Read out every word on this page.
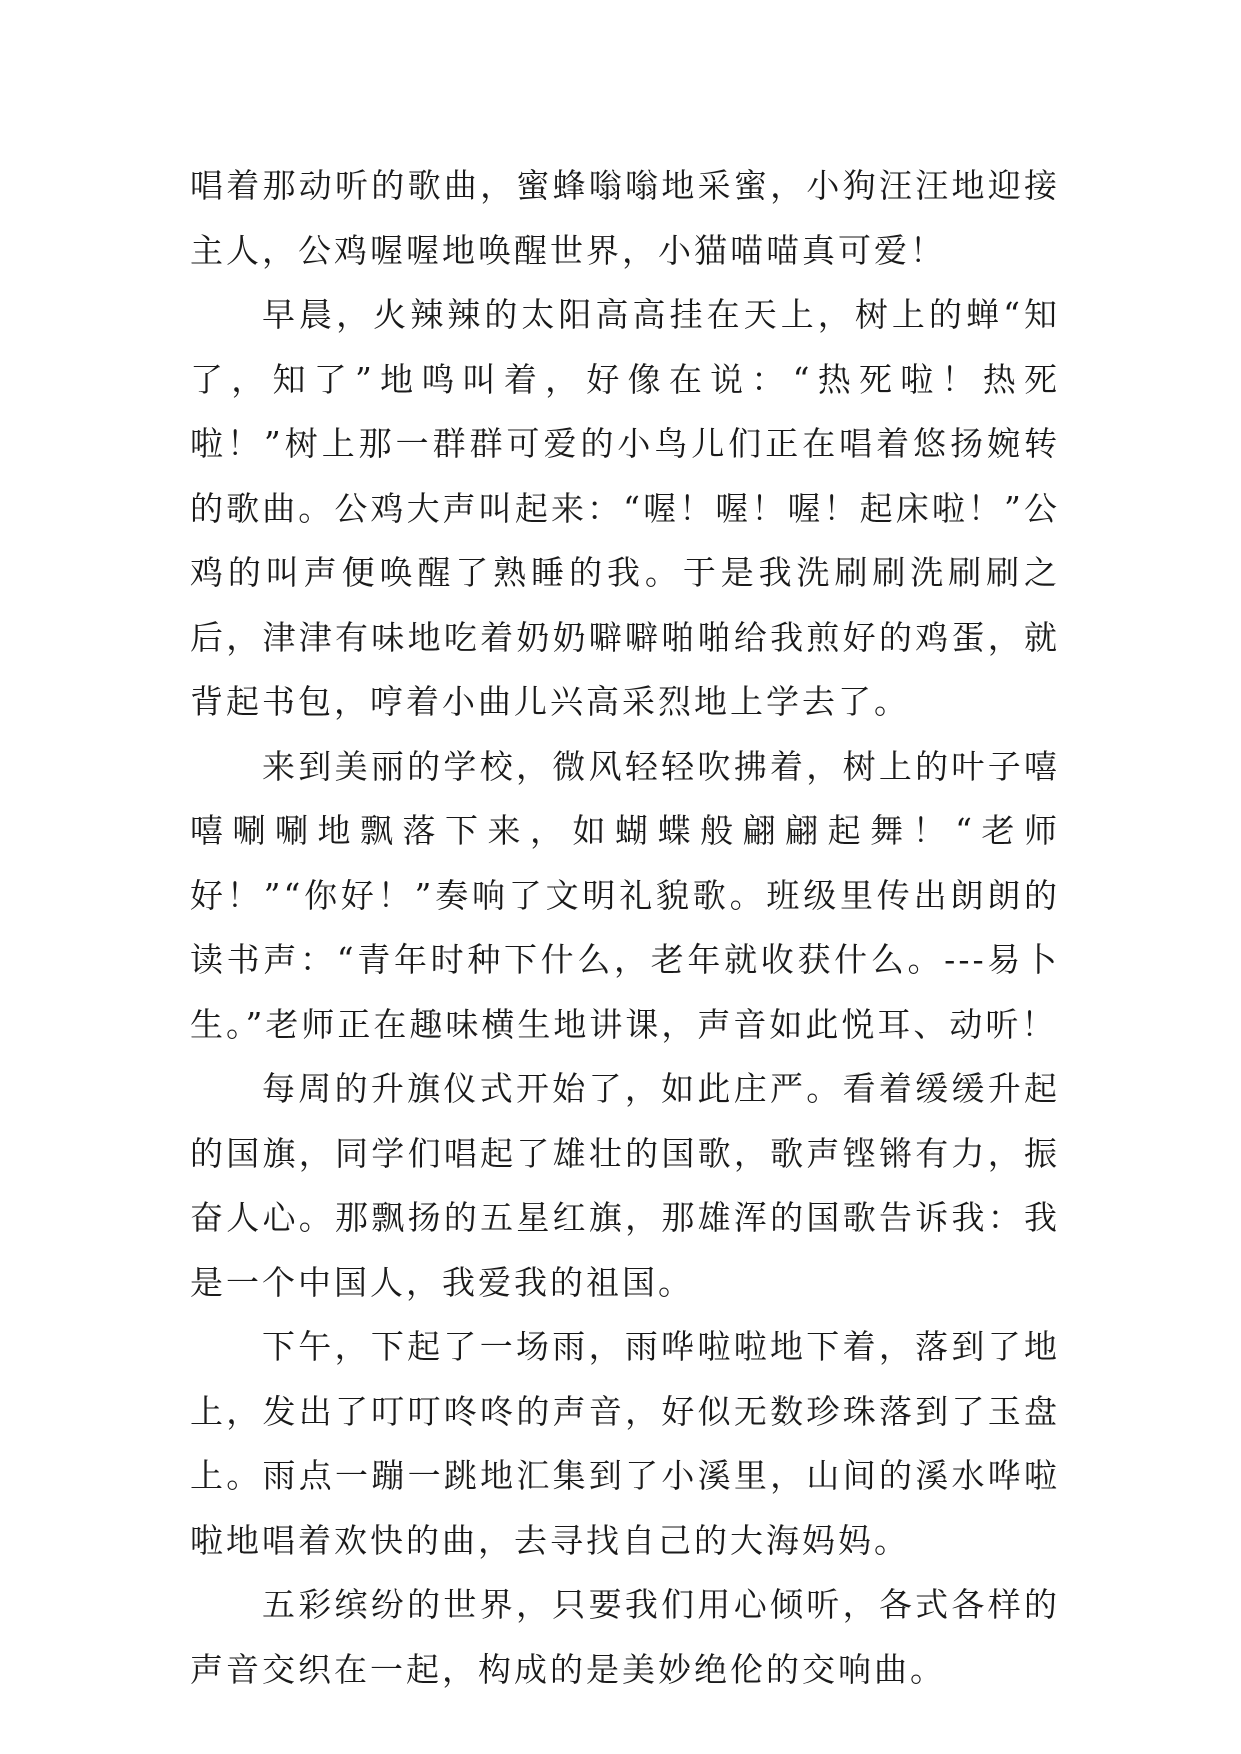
唱着那动听的歌曲，蜜蜂嗡嗡地采蜜，小狗汪汪地迎接主人，公鸡喔喔地唤醒世界，小猫喵喵真可爱！

早晨，火辣辣的太阳高高挂在天上，树上的蝉“知了，知了”地鸣叫着，好像在说：“热死啦！热死啦！”树上那一群群可爱的小鸟儿们正在唱着悠扬婉转的歌曲。公鸡大声叫起来：“喔！喔！喔！起床啦！”公鸡的叫声便唤醒了熟睡的我。于是我洗刷刷洗刷刷之后，津津有味地吃着奶奶噼噼啪啪给我煎好的鸡蛋，就背起书包，哼着小曲儿兴高采烈地上学去了。

来到美丽的学校，微风轻轻吹拂着，树上的叶子嘻嘻唰唰地飘落下来，如蝴蝶般翩翩起舞！“老师好！”“你好！”奏响了文明礼貌歌。班级里传出朗朗的读书声：“青年时种下什么，老年就收获什么。---易卜生。”老师正在趣味横生地讲课，声音如此悦耳、动听！

每周的升旗仪式开始了，如此庄严。看着缓缓升起的国旗，同学们唱起了雄壮的国歌，歌声铿锵有力，振奋人心。那飘扬的五星红旗，那雄浑的国歌告诉我：我是一个中国人，我爱我的祖国。

下午，下起了一场雨，雨哗啦啦地下着，落到了地上，发出了叮叮咚咚的声音，好似无数珍珠落到了玉盘上。雨点一蹦一跳地汇集到了小溪里，山间的溪水哗啦啦地唱着欢快的曲，去寻找自己的大海妈妈。

五彩缤纷的世界，只要我们用心倾听，各式各样的声音交织在一起，构成的是美妙绝伦的交响曲。
